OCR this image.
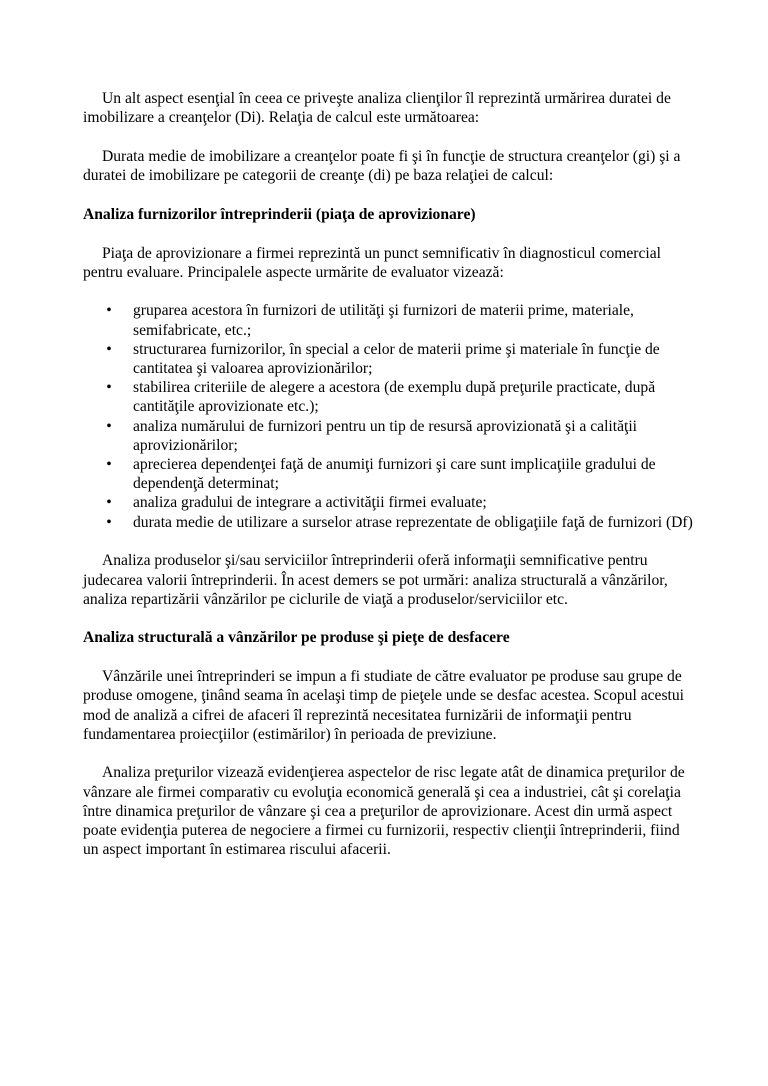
Un alt aspect esenţial în ceea ce priveşte analiza clienţilor îl reprezintă urmărirea duratei de imobilizare a creanţelor (Di). Relaţia de calcul este următoarea:

Durata medie de imobilizare a creanţelor poate fi şi în funcţie de structura creanţelor (gi) şi a duratei de imobilizare pe categorii de creanţe (di) pe baza relaţiei de calcul:

Analiza furnizorilor întreprinderii (piaţa de aprovizionare)

Piaţa de aprovizionare a firmei reprezintă un punct semnificativ în diagnosticul comercial pentru evaluare. Principalele aspecte urmărite de evaluator vizează:

• gruparea acestora în furnizori de utilităţi şi furnizori de materii prime, materiale, semifabricate, etc.;
• structurarea furnizorilor, în special a celor de materii prime şi materiale în funcţie de cantitatea şi valoarea aprovizionărilor;
• stabilirea criteriile de alegere a acestora (de exemplu după preţurile practicate, după cantităţile aprovizionate etc.);
• analiza numărului de furnizori pentru un tip de resursă aprovizionată şi a calităţii aprovizionărilor;
• aprecierea dependenţei faţă de anumiţi furnizori şi care sunt implicaţiile gradului de dependenţă determinat;
• analiza gradului de integrare a activităţii firmei evaluate;
• durata medie de utilizare a surselor atrase reprezentate de obligaţiile faţă de furnizori (Df)

Analiza produselor şi/sau serviciilor întreprinderii oferă informaţii semnificative pentru judecarea valorii întreprinderii. În acest demers se pot urmări: analiza structurală a vânzărilor, analiza repartizării vânzărilor pe ciclurile de viaţă a produselor/serviciilor etc.

Analiza structurală a vânzărilor pe produse şi pieţe de desfacere

Vânzările unei întreprinderi se impun a fi studiate de către evaluator pe produse sau grupe de produse omogene, ţinând seama în acelaşi timp de pieţele unde se desfac acestea. Scopul acestui mod de analiză a cifrei de afaceri îl reprezintă necesitatea furnizării de informaţii pentru fundamentarea proiecţiilor (estimărilor) în perioada de previziune.

Analiza preţurilor vizează evidenţierea aspectelor de risc legate atât de dinamica preţurilor de vânzare ale firmei comparativ cu evoluţia economică generală şi cea a industriei, cât şi corelaţia între dinamica preţurilor de vânzare şi cea a preţurilor de aprovizionare. Acest din urmă aspect poate evidenţia puterea de negociere a firmei cu furnizorii, respectiv clienţii întreprinderii, fiind un aspect important în estimarea riscului afacerii.
